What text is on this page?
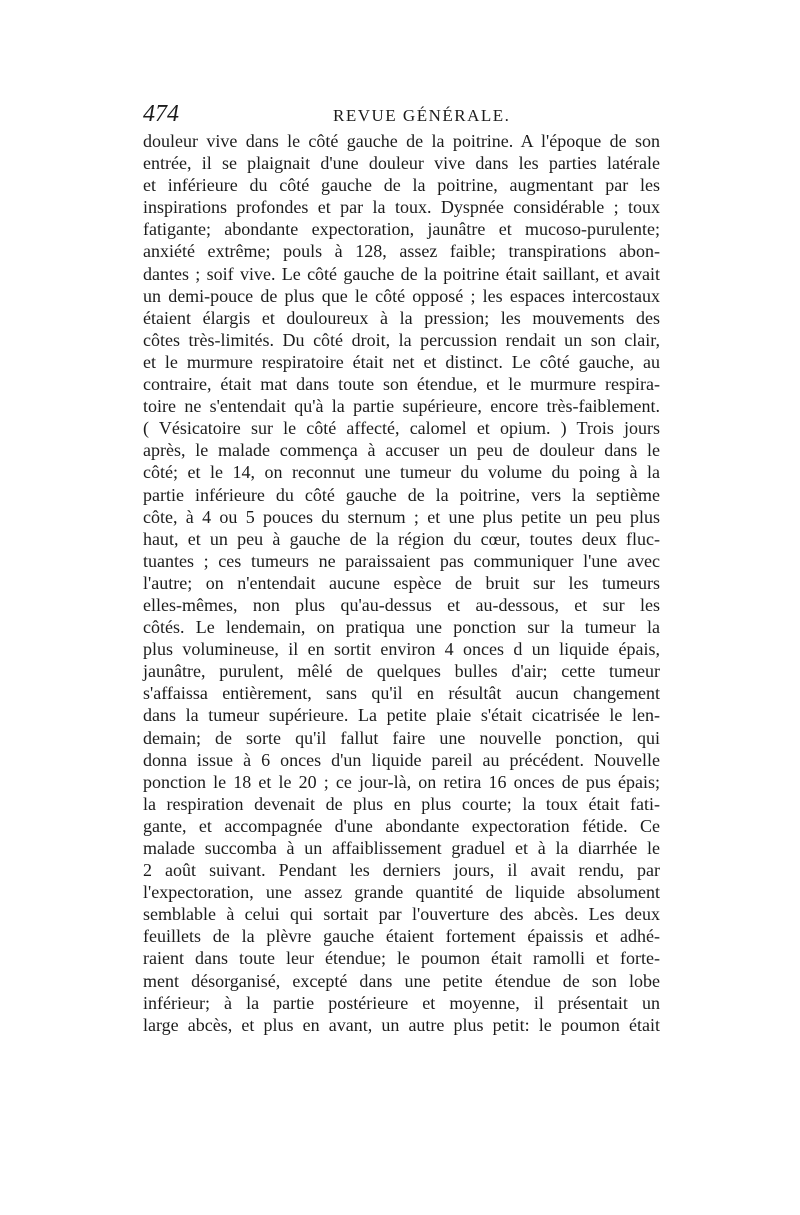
474	REVUE GÉNÉRALE.
douleur vive dans le côté gauche de la poitrine. A l'époque de son
entrée, il se plaignait d'une douleur vive dans les parties latérale
et inférieure du côté gauche de la poitrine, augmentant par les
inspirations profondes et par la toux. Dyspnée considérable ; toux
fatigante; abondante expectoration, jaunâtre et mucoso-purulente;
anxiété extrême; pouls à 128, assez faible; transpirations abon-
dantes ; soif vive. Le côté gauche de la poitrine était saillant, et avait
un demi-pouce de plus que le côté opposé ; les espaces intercostaux
étaient élargis et douloureux à la pression; les mouvements des
côtes très-limités. Du côté droit, la percussion rendait un son clair,
et le murmure respiratoire était net et distinct. Le côté gauche, au
contraire, était mat dans toute son étendue, et le murmure respira-
toire ne s'entendait qu'à la partie supérieure, encore très-faiblement.
( Vésicatoire sur le côté affecté, calomel et opium. ) Trois jours
après, le malade commença à accuser un peu de douleur dans le
côté; et le 14, on reconnut une tumeur du volume du poing à la
partie inférieure du côté gauche de la poitrine, vers la septième
côte, à 4 ou 5 pouces du sternum ; et une plus petite un peu plus
haut, et un peu à gauche de la région du cœur, toutes deux fluc-
tuantes ; ces tumeurs ne paraissaient pas communiquer l'une avec
l'autre; on n'entendait aucune espèce de bruit sur les tumeurs
elles-mêmes, non plus qu'au-dessus et au-dessous, et sur les
côtés. Le lendemain, on pratiqua une ponction sur la tumeur la
plus volumineuse, il en sortit environ 4 onces d un liquide épais,
jaunâtre, purulent, mêlé de quelques bulles d'air; cette tumeur
s'affaissa entièrement, sans qu'il en résultât aucun changement
dans la tumeur supérieure. La petite plaie s'était cicatrisée le len-
demain; de sorte qu'il fallut faire une nouvelle ponction, qui
donna issue à 6 onces d'un liquide pareil au précédent. Nouvelle
ponction le 18 et le 20 ; ce jour-là, on retira 16 onces de pus épais;
la respiration devenait de plus en plus courte; la toux était fati-
gante, et accompagnée d'une abondante expectoration fétide. Ce
malade succomba à un affaiblissement graduel et à la diarrhée le
2 août suivant. Pendant les derniers jours, il avait rendu, par
l'expectoration, une assez grande quantité de liquide absolument
semblable à celui qui sortait par l'ouverture des abcès. Les deux
feuillets de la plèvre gauche étaient fortement épaissis et adhé-
raient dans toute leur étendue; le poumon était ramolli et forte-
ment désorganisé, excepté dans une petite étendue de son lobe
inférieur; à la partie postérieure et moyenne, il présentait un
large abcès, et plus en avant, un autre plus petit: le poumon était
